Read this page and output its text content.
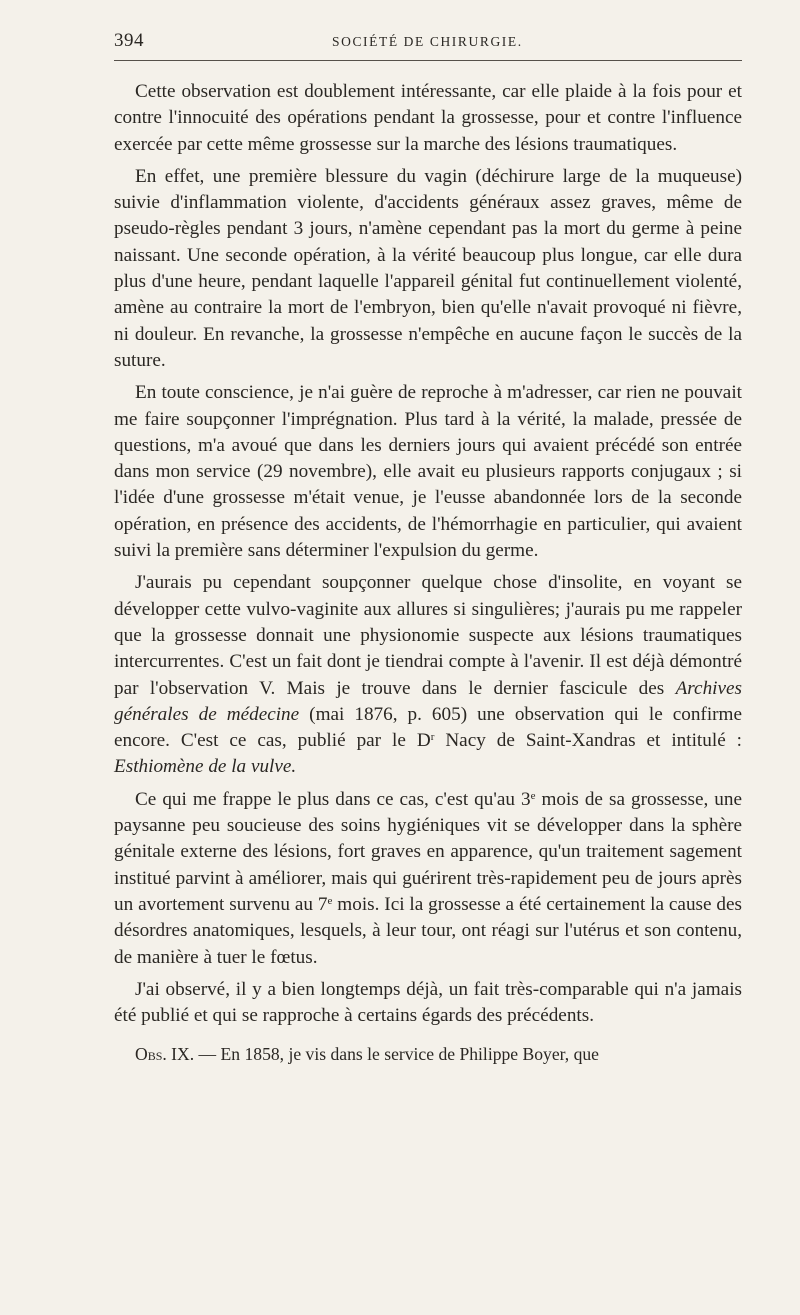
394	SOCIÉTÉ DE CHIRURGIE.

Cette observation est doublement intéressante, car elle plaide à la fois pour et contre l'innocuité des opérations pendant la grossesse, pour et contre l'influence exercée par cette même grossesse sur la marche des lésions traumatiques.

En effet, une première blessure du vagin (déchirure large de la muqueuse) suivie d'inflammation violente, d'accidents généraux assez graves, même de pseudo-règles pendant 3 jours, n'amène cependant pas la mort du germe à peine naissant. Une seconde opération, à la vérité beaucoup plus longue, car elle dura plus d'une heure, pendant laquelle l'appareil génital fut continuellement violenté, amène au contraire la mort de l'embryon, bien qu'elle n'avait provoqué ni fièvre, ni douleur. En revanche, la grossesse n'empêche en aucune façon le succès de la suture.

En toute conscience, je n'ai guère de reproche à m'adresser, car rien ne pouvait me faire soupçonner l'imprégnation. Plus tard à la vérité, la malade, pressée de questions, m'a avoué que dans les derniers jours qui avaient précédé son entrée dans mon service (29 novembre), elle avait eu plusieurs rapports conjugaux ; si l'idée d'une grossesse m'était venue, je l'eusse abandonnée lors de la seconde opération, en présence des accidents, de l'hémorrhagie en particulier, qui avaient suivi la première sans déterminer l'expulsion du germe.

J'aurais pu cependant soupçonner quelque chose d'insolite, en voyant se développer cette vulvo-vaginite aux allures si singulières; j'aurais pu me rappeler que la grossesse donnait une physionomie suspecte aux lésions traumatiques intercurrentes. C'est un fait dont je tiendrai compte à l'avenir. Il est déjà démontré par l'observation V. Mais je trouve dans le dernier fascicule des Archives générales de médecine (mai 1876, p. 605) une observation qui le confirme encore. C'est ce cas, publié par le $D^r$ Nacy de Saint-Xandras et intitulé : Esthiomène de la vulve.

Ce qui me frappe le plus dans ce cas, c'est qu'au 3e mois de sa grossesse, une paysanne peu soucieuse des soins hygiéniques vit se développer dans la sphère génitale externe des lésions, fort graves en apparence, qu'un traitement sagement institué parvint à améliorer, mais qui guérirent très-rapidement peu de jours après un avortement survenu au 7e mois. Ici la grossesse a été certainement la cause des désordres anatomiques, lesquels, à leur tour, ont réagi sur l'utérus et son contenu, de manière à tuer le fœtus.

J'ai observé, il y a bien longtemps déjà, un fait très-comparable qui n'a jamais été publié et qui se rapproche à certains égards des précédents.

Obs. IX. — En 1858, je vis dans le service de Philippe Boyer, que
